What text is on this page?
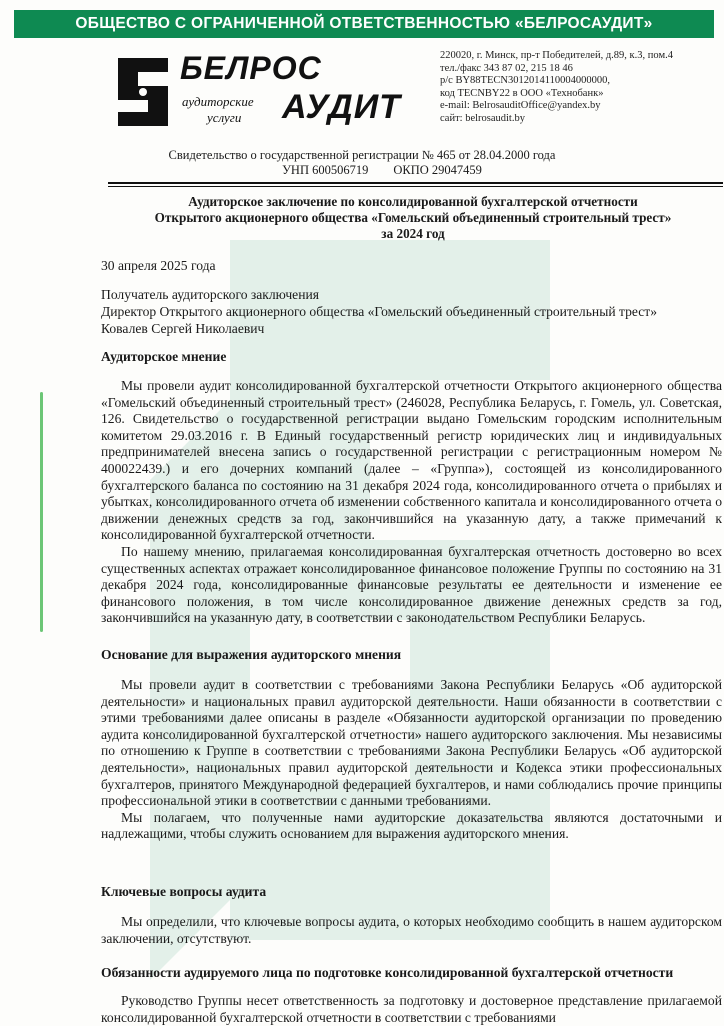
ОБЩЕСТВО С ОГРАНИЧЕННОЙ ОТВЕТСТВЕННОСТЬЮ «БЕЛРОСАУДИТ»
БЕЛРОС
аудиторские
услуги АУДИТ
220020, г. Минск, пр-т Победителей, д.89, к.3, пом.4
тел./факс 343 87 02, 215 18 46
р/с BY88TECN3012014110004000000,
код TECNBY22 в ООО «Технобанк»
e-mail: BelrosauditOffice@yandex.by
сайт: belrosaudit.by
Свидетельство о государственной регистрации № 465 от 28.04.2000 года
УНП 600506719        ОКПО 29047459
Аудиторское заключение по консолидированной бухгалтерской отчетности
Открытого акционерного общества «Гомельский объединенный строительный трест»
за 2024 год
30 апреля 2025 года
Получатель аудиторского заключения
Директор Открытого акционерного общества «Гомельский объединенный строительный трест»
Ковалев Сергей Николаевич
Аудиторское мнение

Мы провели аудит консолидированной бухгалтерской отчетности Открытого акционерного общества «Гомельский объединенный строительный трест» (246028, Республика Беларусь, г. Гомель, ул. Советская, 126. Свидетельство о государственной регистрации выдано Гомельским городским исполнительным комитетом 29.03.2016 г. В Единый государственный регистр юридических лиц и индивидуальных предпринимателей внесена запись о государственной регистрации с регистрационным номером № 400022439.) и его дочерних компаний (далее – «Группа»), состоящей из консолидированного бухгалтерского баланса по состоянию на 31 декабря 2024 года, консолидированного отчета о прибылях и убытках, консолидированного отчета об изменении собственного капитала и консолидированного отчета о движении денежных средств за год, закончившийся на указанную дату, а также примечаний к консолидированной бухгалтерской отчетности.

По нашему мнению, прилагаемая консолидированная бухгалтерская отчетность достоверно во всех существенных аспектах отражает консолидированное финансовое положение Группы по состоянию на 31 декабря 2024 года, консолидированные финансовые результаты ее деятельности и изменение ее финансового положения, в том числе консолидированное движение денежных средств за год, закончившийся на указанную дату, в соответствии с законодательством Республики Беларусь.

Основание для выражения аудиторского мнения

Мы провели аудит в соответствии с требованиями Закона Республики Беларусь «Об аудиторской деятельности» и национальных правил аудиторской деятельности. Наши обязанности в соответствии с этими требованиями далее описаны в разделе «Обязанности аудиторской организации по проведению аудита консолидированной бухгалтерской отчетности» нашего аудиторского заключения. Мы независимы по отношению к Группе в соответствии с требованиями Закона Республики Беларусь «Об аудиторской деятельности», национальных правил аудиторской деятельности и Кодекса этики профессиональных бухгалтеров, принятого Международной федерацией бухгалтеров, и нами соблюдались прочие принципы профессиональной этики в соответствии с данными требованиями.

Мы полагаем, что полученные нами аудиторские доказательства являются достаточными и надлежащими, чтобы служить основанием для выражения аудиторского мнения.

Ключевые вопросы аудита

Мы определили, что ключевые вопросы аудита, о которых необходимо сообщить в нашем аудиторском заключении, отсутствуют.

Обязанности аудируемого лица по подготовке консолидированной бухгалтерской отчетности

Руководство Группы несет ответственность за подготовку и достоверное представление прилагаемой консолидированной бухгалтерской отчетности в соответствии с требованиями
